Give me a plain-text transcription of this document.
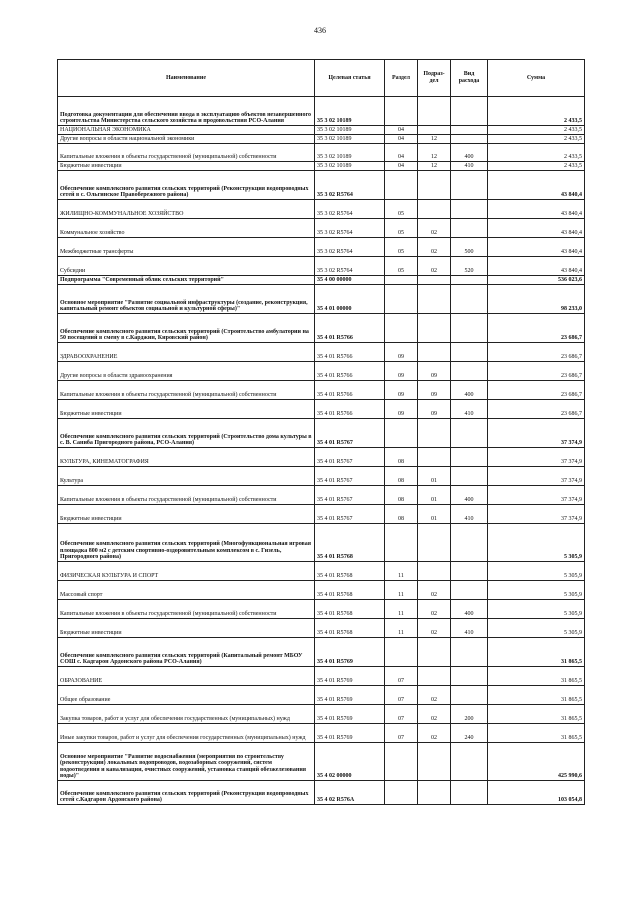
436
Наименование	Целевая статья	Раздел	Подраз-дел	Вид расхода	Сумма
Подготовка документации для обеспечения ввода в эксплуатацию объектов незавершенного строительства Министерства сельского хозяйства и продовольствия РСО-Алания	35 3 02 10189				2 433,5
НАЦИОНАЛЬНАЯ ЭКОНОМИКА	35 3 02 10189	04			2 433,5
Другие вопросы в области национальной экономики	35 3 02 10189	04	12		2 433,5
Капитальные вложения в объекты государственной (муниципальной) собственности	35 3 02 10189	04	12	400	2 433,5
Бюджетные инвестиции	35 3 02 10189	04	12	410	2 433,5
Обеспечение комплексного развития сельских территорий (Реконструкция водопроводных сетей в с. Ольгинское Правобережного района)	35 3 02 R5764				43 840,4
ЖИЛИЩНО-КОММУНАЛЬНОЕ ХОЗЯЙСТВО	35 3 02 R5764	05			43 840,4
Коммунальное хозяйство	35 3 02 R5764	05	02		43 840,4
Межбюджетные трансферты	35 3 02 R5764	05	02	500	43 840,4
Субсидии	35 3 02 R5764	05	02	520	43 840,4
Подпрограмма "Современный облик сельских территорий"	35 4 00 00000				536 023,6
Основное мероприятие "Развитие социальной инфраструктуры (создание, реконструкция, капитальный ремонт объектов социальной и культурной сферы)"	35 4 01 00000				98 233,0
Обеспечение комплексного развития сельских территорий (Строительство амбулатории на 50 посещений в смену в с.Карджин, Кировский район)	35 4 01 R5766				23 686,7
ЗДРАВООХРАНЕНИЕ	35 4 01 R5766	09			23 686,7
Другие вопросы в области здравоохранения	35 4 01 R5766	09	09		23 686,7
Капитальные вложения в объекты государственной (муниципальной) собственности	35 4 01 R5766	09	09	400	23 686,7
Бюджетные инвестиции	35 4 01 R5766	09	09	410	23 686,7
Обеспечение комплексного развития сельских территорий (Строительство дома культуры в с. В. Саниба Пригородного района, РСО-Алания)	35 4 01 R5767				37 374,9
КУЛЬТУРА, КИНЕМАТОГРАФИЯ	35 4 01 R5767	08			37 374,9
Культура	35 4 01 R5767	08	01		37 374,9
Капитальные вложения в объекты государственной (муниципальной) собственности	35 4 01 R5767	08	01	400	37 374,9
Бюджетные инвестиции	35 4 01 R5767	08	01	410	37 374,9
Обеспечение комплексного развития сельских территорий (Многофункциональная игровая площадка 800 м2 с детским спортивно-оздоровительным комплексом в с. Гизель, Пригородного района)	35 4 01 R5768				5 305,9
ФИЗИЧЕСКАЯ КУЛЬТУРА И СПОРТ	35 4 01 R5768	11			5 305,9
Массовый спорт	35 4 01 R5768	11	02		5 305,9
Капитальные вложения в объекты государственной (муниципальной) собственности	35 4 01 R5768	11	02	400	5 305,9
Бюджетные инвестиции	35 4 01 R5768	11	02	410	5 305,9
Обеспечение комплексного развития сельских территорий (Капитальный ремонт МБОУ СОШ с. Кадгарон Ардонского района РСО-Алания)	35 4 01 R5769				31 865,5
ОБРАЗОВАНИЕ	35 4 01 R5769	07			31 865,5
Общее образование	35 4 01 R5769	07	02		31 865,5
Закупка товаров, работ и услуг для обеспечения государственных (муниципальных) нужд	35 4 01 R5769	07	02	200	31 865,5
Иные закупки товаров, работ и услуг для обеспечения государственных (муниципальных) нужд	35 4 01 R5769	07	02	240	31 865,5
Основное мероприятие "Развитие водоснабжения (мероприятия по строительству (реконструкции) локальных водопроводов, водозаборных сооружений, систем водоотведения и канализации, очистных сооружений, установка станций обезжелезования воды)"	35 4 02 00000				425 990,6
Обеспечение комплексного развития сельских территорий (Реконструкция водопроводных сетей с.Кадгарон Ардонского района)	35 4 02 R576A				103 054,8
